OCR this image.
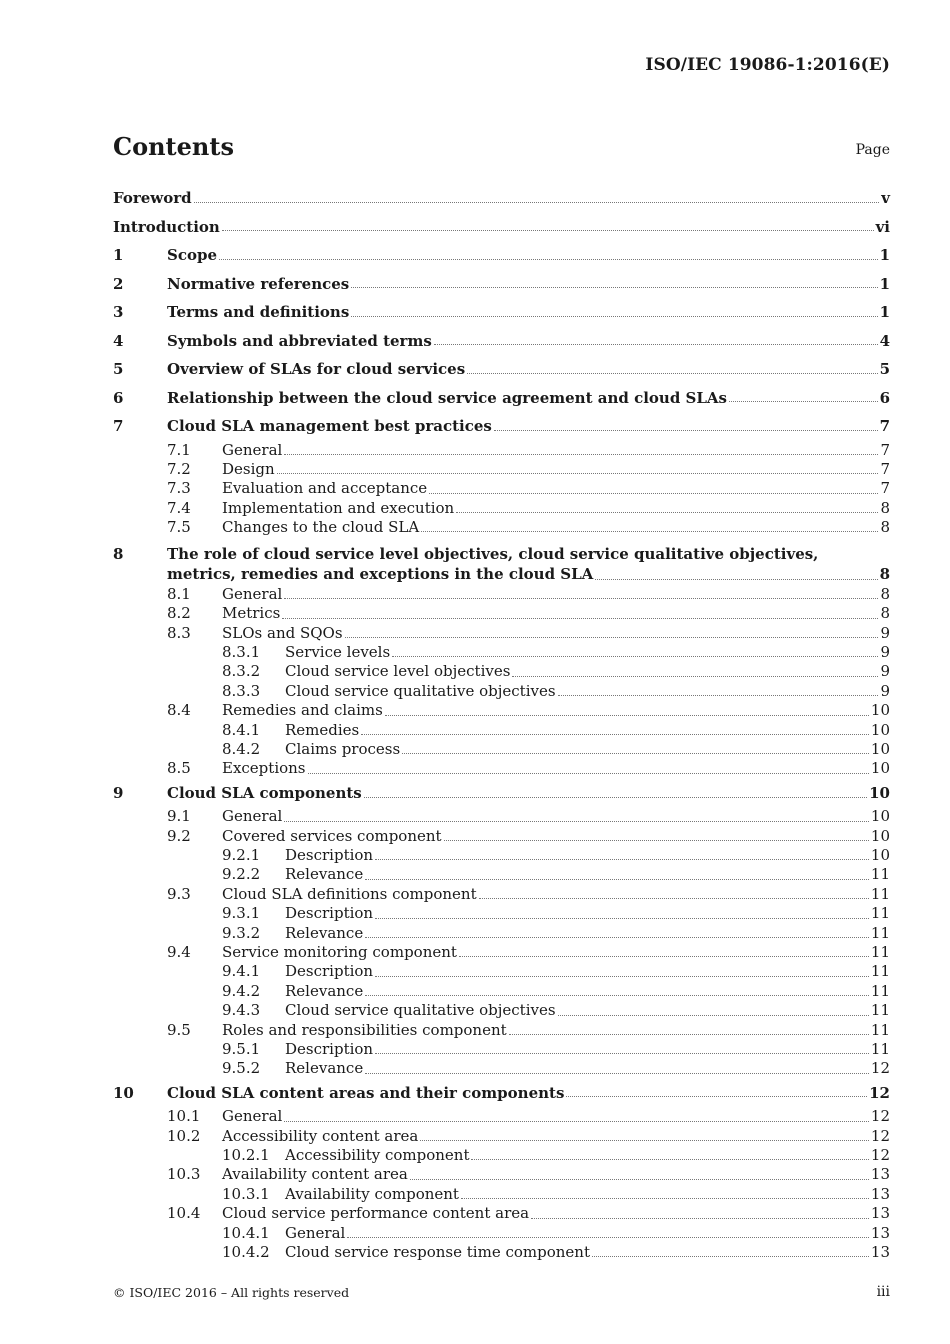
ISO/IEC 19086-1:2016(E)
Contents	Page
Foreword	v
Introduction	vi
1	Scope	1
2	Normative references	1
3	Terms and definitions	1
4	Symbols and abbreviated terms	4
5	Overview of SLAs for cloud services	5
6	Relationship between the cloud service agreement and cloud SLAs	6
7	Cloud SLA management best practices	7
7.1	General	7
7.2	Design	7
7.3	Evaluation and acceptance	7
7.4	Implementation and execution	8
7.5	Changes to the cloud SLA	8
8	The role of cloud service level objectives, cloud service qualitative objectives,
metrics, remedies and exceptions in the cloud SLA	8
8.1	General	8
8.2	Metrics	8
8.3	SLOs and SQOs	9
8.3.1	Service levels	9
8.3.2	Cloud service level objectives	9
8.3.3	Cloud service qualitative objectives	9
8.4	Remedies and claims	10
8.4.1	Remedies	10
8.4.2	Claims process	10
8.5	Exceptions	10
9	Cloud SLA components	10
9.1	General	10
9.2	Covered services component	10
9.2.1	Description	10
9.2.2	Relevance	11
9.3	Cloud SLA definitions component	11
9.3.1	Description	11
9.3.2	Relevance	11
9.4	Service monitoring component	11
9.4.1	Description	11
9.4.2	Relevance	11
9.4.3	Cloud service qualitative objectives	11
9.5	Roles and responsibilities component	11
9.5.1	Description	11
9.5.2	Relevance	12
10	Cloud SLA content areas and their components	12
10.1	General	12
10.2	Accessibility content area	12
10.2.1	Accessibility component	12
10.3	Availability content area	13
10.3.1	Availability component	13
10.4	Cloud service performance content area	13
10.4.1	General	13
10.4.2	Cloud service response time component	13
© ISO/IEC 2016 – All rights reserved	iii
